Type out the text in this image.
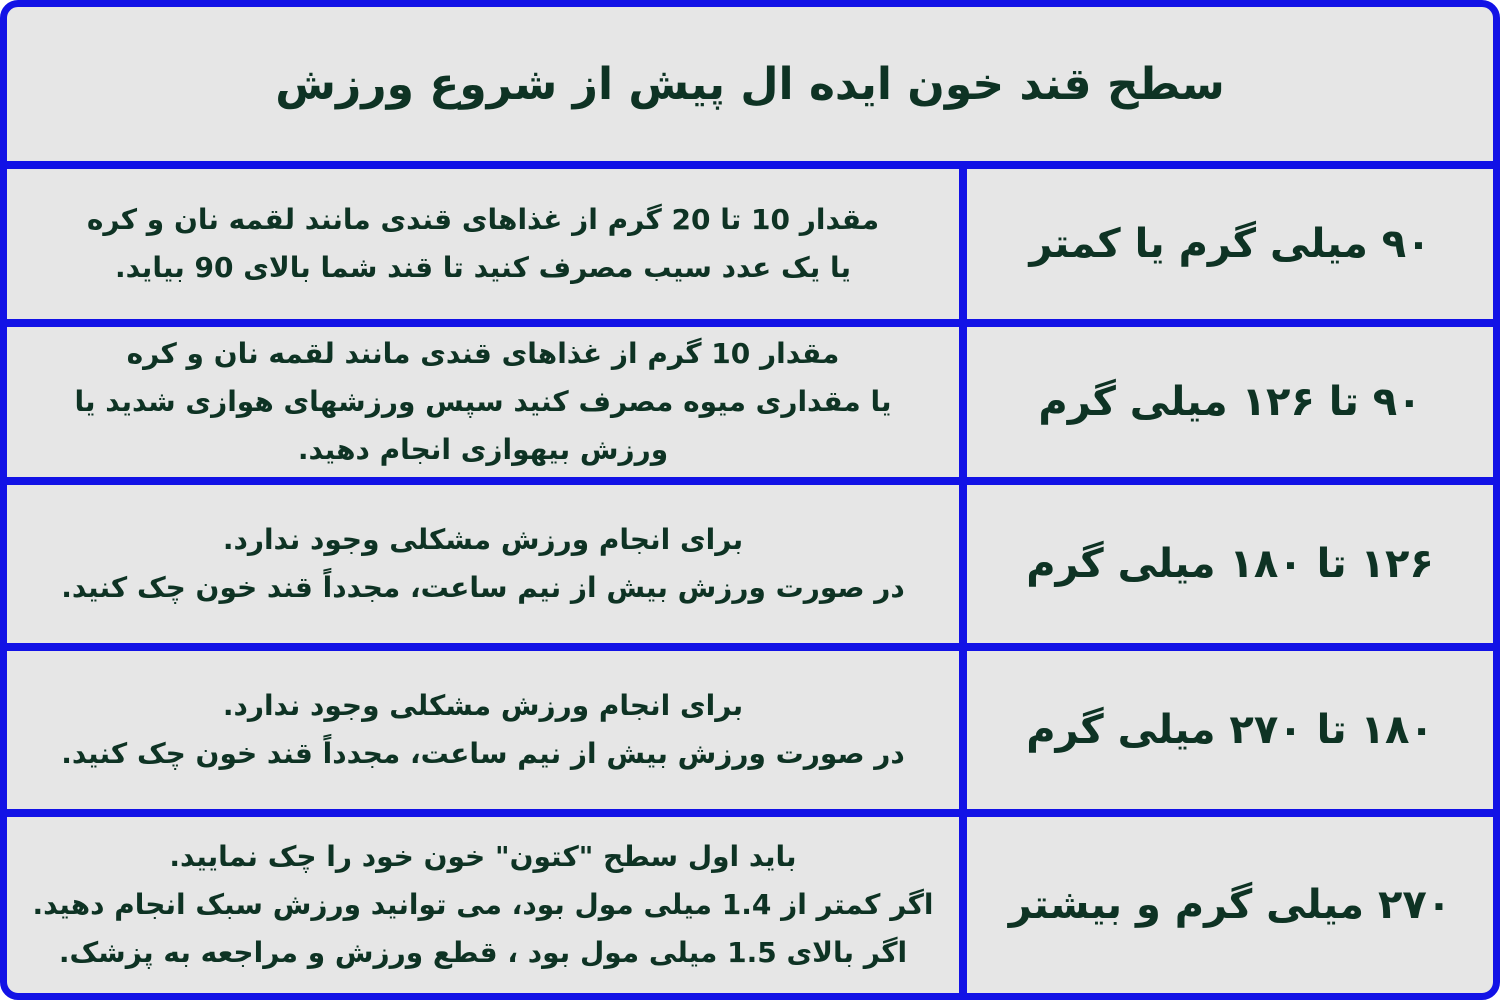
سطح قند خون ایده ال پیش از شروع ورزش
مقدار 10 تا 20 گرم از غذاهای قندی مانند لقمه نان و کره
یا یک عدد سیب مصرف کنید تا قند شما بالای 90 بیاید.
۹۰ میلی گرم یا کمتر
مقدار 10 گرم از غذاهای قندی مانند لقمه نان و کره
یا مقداری میوه مصرف کنید سپس ورزشهای هوازی شدید یا
ورزش بیهوازی انجام دهید.
۹۰ تا ۱۲۶ میلی گرم
برای انجام ورزش مشکلی وجود ندارد.
در صورت ورزش بیش از نیم ساعت، مجدداً قند خون چک کنید.
۱۲۶ تا ۱۸۰ میلی گرم
برای انجام ورزش مشکلی وجود ندارد.
در صورت ورزش بیش از نیم ساعت، مجدداً قند خون چک کنید.
۱۸۰ تا ۲۷۰ میلی گرم
باید اول سطح "کتون" خون خود را چک نمایید.
اگر کمتر از 1.4 میلی مول بود، می توانید ورزش سبک انجام دهید.
اگر بالای 1.5 میلی مول بود ، قطع ورزش و مراجعه به پزشک.
۲۷۰ میلی گرم و بیشتر
